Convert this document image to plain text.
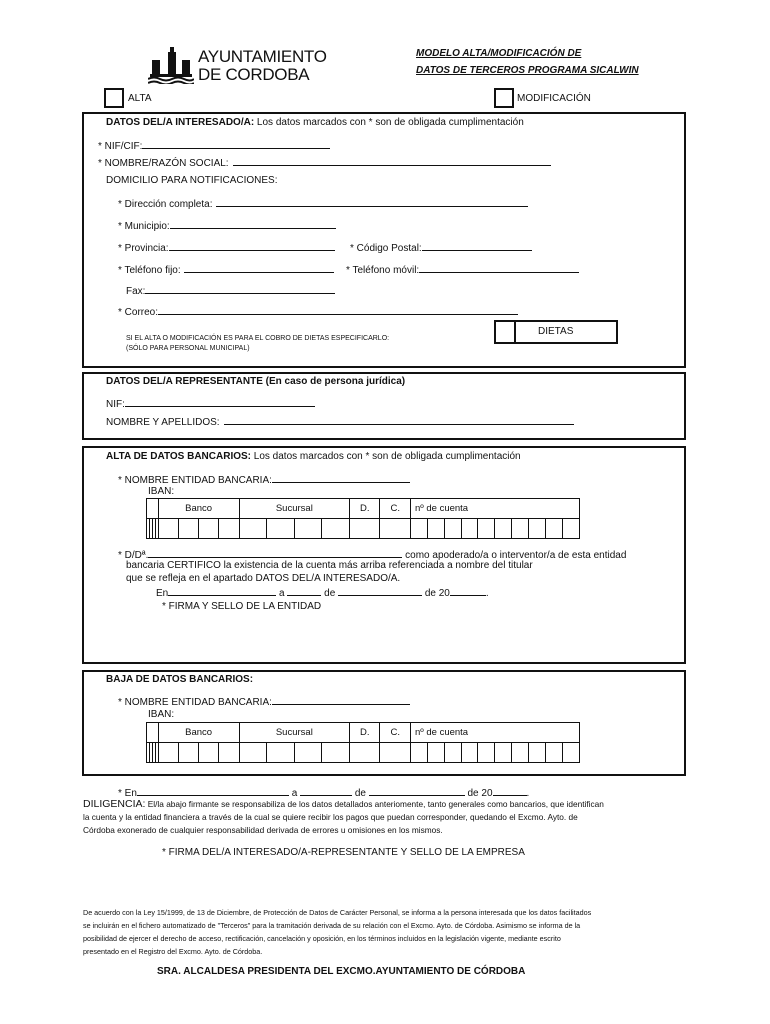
AYUNTAMIENTO
DE CORDOBA
MODELO ALTA/MODIFICACIÓN DE
DATOS DE TERCEROS PROGRAMA SICALWIN
ALTA	MODIFICACIÓN
DATOS DEL/A INTERESADO/A: Los datos marcados con * son de obligada cumplimentación
* NIF/CIF:
* NOMBRE/RAZÓN SOCIAL:
DOMICILIO PARA NOTIFICACIONES:
* Dirección completa:
* Municipio:
* Provincia:	* Código Postal:
* Teléfono fijo:	* Teléfono móvil:
Fax:
* Correo:
SI EL ALTA O MODIFICACIÓN ES PARA EL COBRO DE DIETAS ESPECIFICARLO:
(SÓLO PARA PERSONAL MUNICIPAL)
DIETAS
DATOS DEL/A REPRESENTANTE (En caso de persona jurídica)
NIF:
NOMBRE Y APELLIDOS:
ALTA DE DATOS BANCARIOS: Los datos marcados con * son de obligada cumplimentación
* NOMBRE ENTIDAD BANCARIA:
IBAN:
				Banco				Sucursal				D.	C.	nº de cuenta									

* D/Dª.	como apoderado/a o interventor/a de esta entidad
bancaria CERTIFICO la existencia de la cuenta más arriba referenciada a nombre del titular
que se refleja en el apartado DATOS DEL/A INTERESADO/A.
En	a	de	de 20	.
* FIRMA Y SELLO DE LA ENTIDAD
BAJA DE DATOS BANCARIOS:
* NOMBRE ENTIDAD BANCARIA:
IBAN:
				Banco				Sucursal				D.	C.	nº de cuenta									

* En	a	de	de 20	.
DILIGENCIA: El/la abajo firmante se responsabiliza de los datos detallados anteriomente, tanto generales como bancarios, que identifican
la cuenta y la entidad financiera a través de la cual se quiere recibir los pagos que puedan corresponder, quedando el Excmo. Ayto. de
Córdoba exonerado de cualquier responsabilidad derivada de errores u omisiones en los mismos.
* FIRMA DEL/A INTERESADO/A-REPRESENTANTE Y SELLO DE LA EMPRESA
De acuerdo con la Ley 15/1999, de 13 de Diciembre, de Protección de Datos de Carácter Personal, se informa a la persona interesada que los datos facilitados
se incluirán en el fichero automatizado de "Terceros" para la tramitación derivada de su relación con el Excmo. Ayto. de Córdoba. Asimismo se informa de la
posibilidad de ejercer el derecho de acceso, rectificación, cancelación y oposición, en los términos incluidos en la legislación vigente, mediante escrito
presentado en el Registro del Excmo. Ayto. de Córdoba.
SRA. ALCALDESA PRESIDENTA DEL EXCMO.AYUNTAMIENTO DE CÓRDOBA
